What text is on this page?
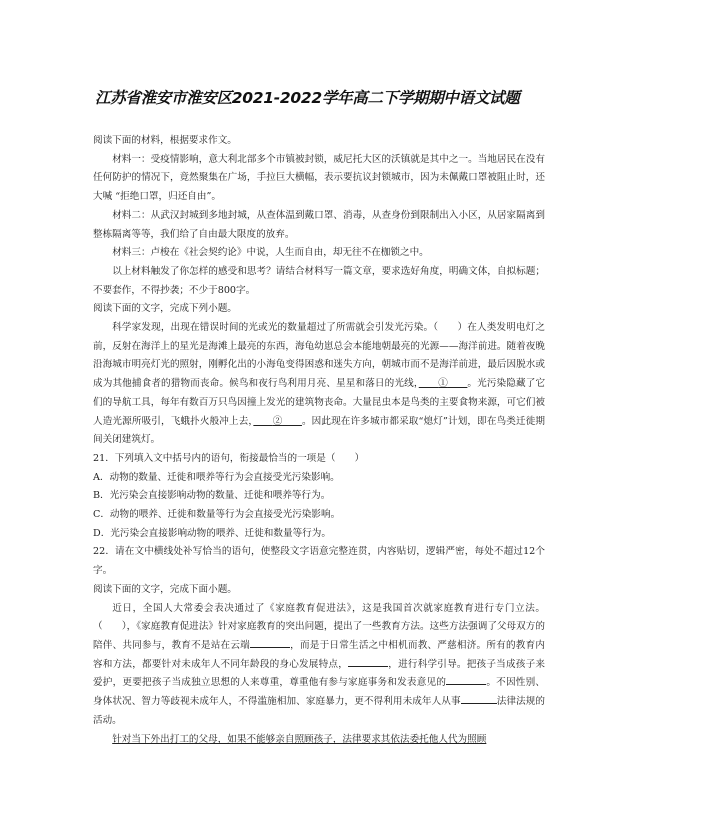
江苏省淮安市淮安区2021-2022学年高二下学期期中语文试题

阅读下面的材料，根据要求作文。

材料一：受疫情影响，意大利北部多个市镇被封锁，威尼托大区的沃镇就是其中之一。当地居民在没有任何防护的情况下，竟然聚集在广场，手拉巨大横幅，表示要抗议封锁城市，因为未佩戴口罩被阻止时，还大喊 “拒绝口罩，归还自由”。

材料二：从武汉封城到多地封城，从查体温到戴口罩、消毒，从查身份到限制出入小区，从居家隔离到整栋隔离等等，我们给了自由最大限度的放弃。

材料三：卢梭在《社会契约论》中说，人生而自由，却无往不在枷锁之中。

以上材料触发了你怎样的感受和思考？请结合材料写一篇文章，要求选好角度，明确文体，自拟标题；不要套作，不得抄袭；不少于800字。

阅读下面的文字，完成下列小题。

科学家发现，出现在错误时间的光或光的数量超过了所需就会引发光污染。（　　）在人类发明电灯之前，反射在海洋上的星光是海滩上最亮的东西，海龟幼崽总会本能地朝最亮的光源——海洋前进。随着夜晚沿海城市明亮灯光的照射，刚孵化出的小海龟变得困惑和迷失方向，朝城市而不是海洋前进，最后因脱水或成为其他捕食者的猎物而丧命。候鸟和夜行鸟利用月亮、星星和落日的光线，　　 ①　　 。光污染隐藏了它们的导航工具，每年有数百万只鸟因撞上发光的建筑物丧命。大量昆虫本是鸟类的主要食物来源，可它们被人造光源所吸引，飞蛾扑火般冲上去，　　 ②　　 。因此现在许多城市都采取“熄灯”计划，即在鸟类迁徙期间关闭建筑灯。

21．下列填入文中括号内的语句，衔接最恰当的一项是（　　）

A．动物的数量、迁徙和喂养等行为会直接受光污染影响。

B．光污染会直接影响动物的数量、迁徙和喂养等行为。

C．动物的喂养、迁徙和数量等行为会直接受光污染影响。

D．光污染会直接影响动物的喂养、迁徙和数量等行为。

22．请在文中横线处补写恰当的语句，使整段文字语意完整连贯，内容贴切，逻辑严密，每处不超过12个字。

阅读下面的文字，完成下面小题。

近日，全国人大常委会表决通过了《家庭教育促进法》，这是我国首次就家庭教育进行专门立法。（　　），《家庭教育促进法》针对家庭教育的突出问题，提出了一些教育方法。这些方法强调了父母双方的陪伴、共同参与，教育不是站在云端	，而是于日常生活之中相机而教、严慈相济。所有的教育内容和方法，都要针对未成年人不同年龄段的身心发展特点，	，进行科学引导。把孩子当成孩子来爱护，更要把孩子当成独立思想的人来尊重，尊重他有参与家庭事务和发表意见的	。不因性别、身体状况、智力等歧视未成年人，不得滥施相加、家庭暴力，更不得利用未成年人从事	法律法规的活动。

针对当下外出打工的父母，如果不能够亲自照顾孩子，法律要求其依法委托他人代为照顾
